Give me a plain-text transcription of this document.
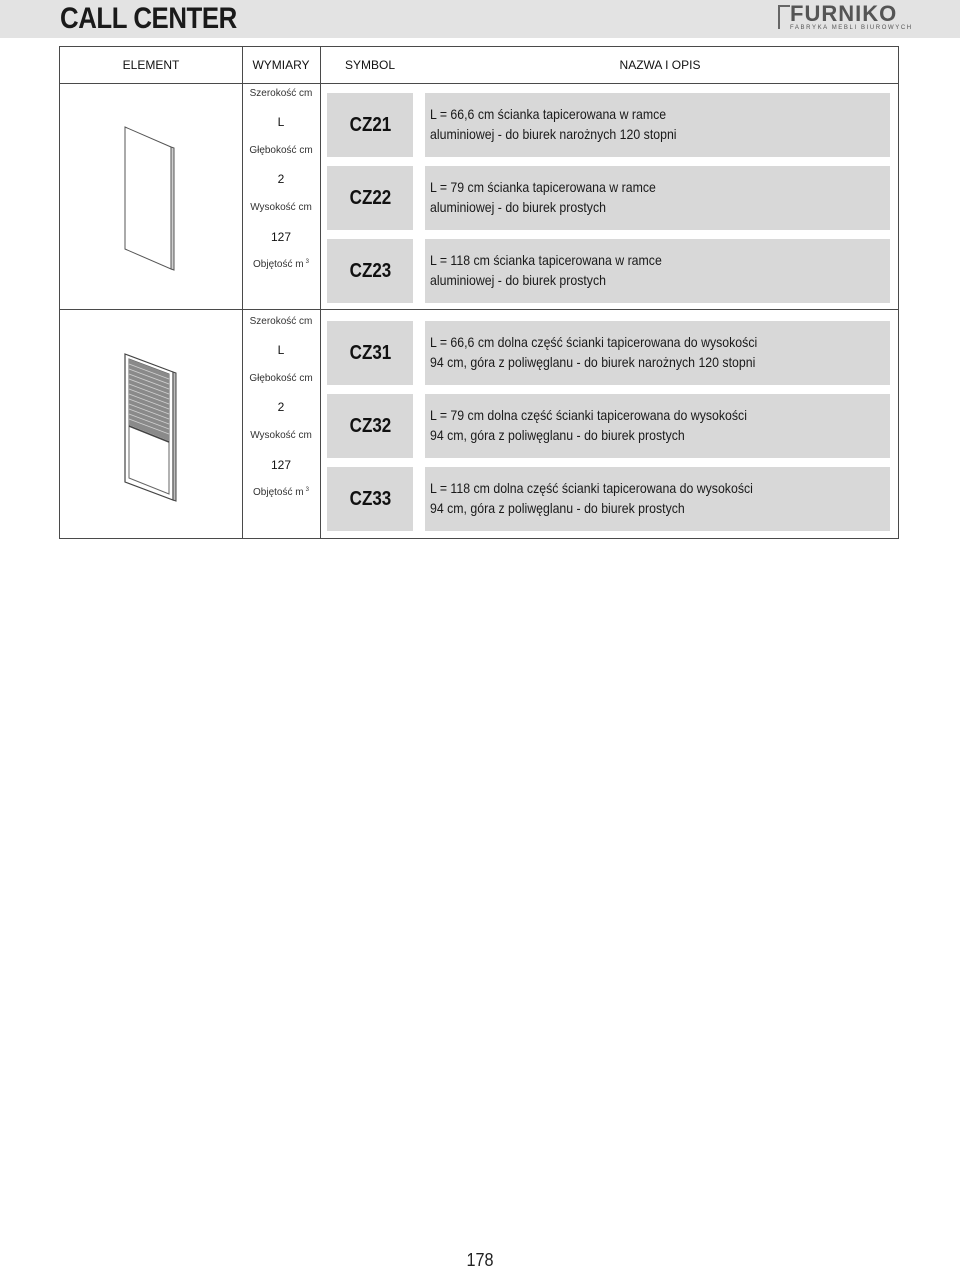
CALL CENTER	FURNIKO
FABRYKA MEBLI BIUROWYCH
ELEMENT	WYMIARY	SYMBOL	NAZWA I OPIS
Szerokość cm
L
Głębokość cm
2
Wysokość cm
127
Objętość m $^3$
CZ21	L = 66,6 cm ścianka tapicerowana w ramce
aluminiowej - do biurek narożnych 120 stopni
CZ22	L = 79 cm ścianka tapicerowana w ramce
aluminiowej - do biurek prostych
CZ23	L = 118 cm ścianka tapicerowana w ramce
aluminiowej - do biurek prostych
Szerokość cm
L
Głębokość cm
2
Wysokość cm
127
Objętość m $^3$
CZ31	L = 66,6 cm dolna część ścianki tapicerowana do wysokości
94 cm, góra z poliwęglanu - do biurek narożnych 120 stopni
CZ32	L = 79 cm dolna część ścianki tapicerowana do wysokości
94 cm, góra z poliwęglanu - do biurek prostych
CZ33	L = 118 cm dolna część ścianki tapicerowana do wysokości
94 cm, góra z poliwęglanu - do biurek prostych
178
